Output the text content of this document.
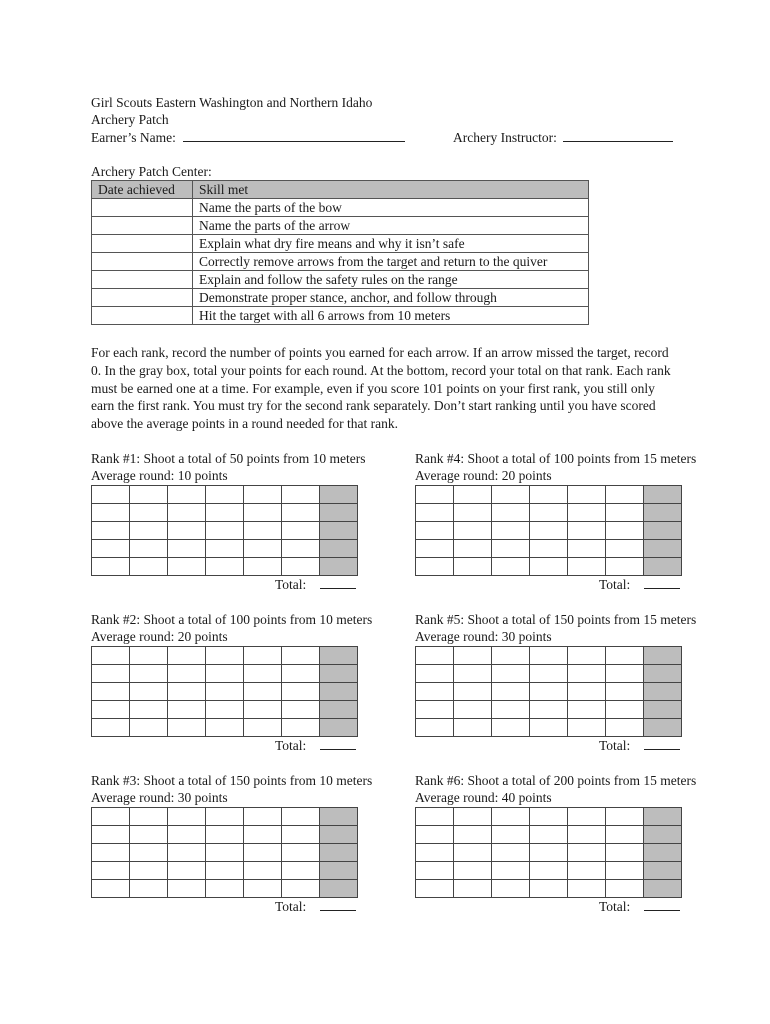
Girl Scouts Eastern Washington and Northern Idaho
Archery Patch
Earner’s Name:	Archery Instructor:
Archery Patch Center:
Date achieved	Skill met
	Name the parts of the bow
	Name the parts of the arrow
	Explain what dry fire means and why it isn’t safe
	Correctly remove arrows from the target and return to the quiver
	Explain and follow the safety rules on the range
	Demonstrate proper stance, anchor, and follow through
	Hit the target with all 6 arrows from 10 meters
For each rank, record the number of points you earned for each arrow. If an arrow missed the target, record 0. In the gray box, total your points for each round. At the bottom, record your total on that rank. Each rank must be earned one at a time. For example, even if you score 101 points on your first rank, you still only earn the first rank. You must try for the second rank separately. Don’t start ranking until you have scored above the average points in a round needed for that rank.
Rank #1: Shoot a total of 50 points from 10 meters
Average round: 10 points

Total:
Rank #2: Shoot a total of 100 points from 10 meters
Average round: 20 points

Total:
Rank #3: Shoot a total of 150 points from 10 meters
Average round: 30 points

Total:
Rank #4: Shoot a total of 100 points from 15 meters
Average round: 20 points

Total:
Rank #5: Shoot a total of 150 points from 15 meters
Average round: 30 points

Total:
Rank #6: Shoot a total of 200 points from 15 meters
Average round: 40 points

Total:
